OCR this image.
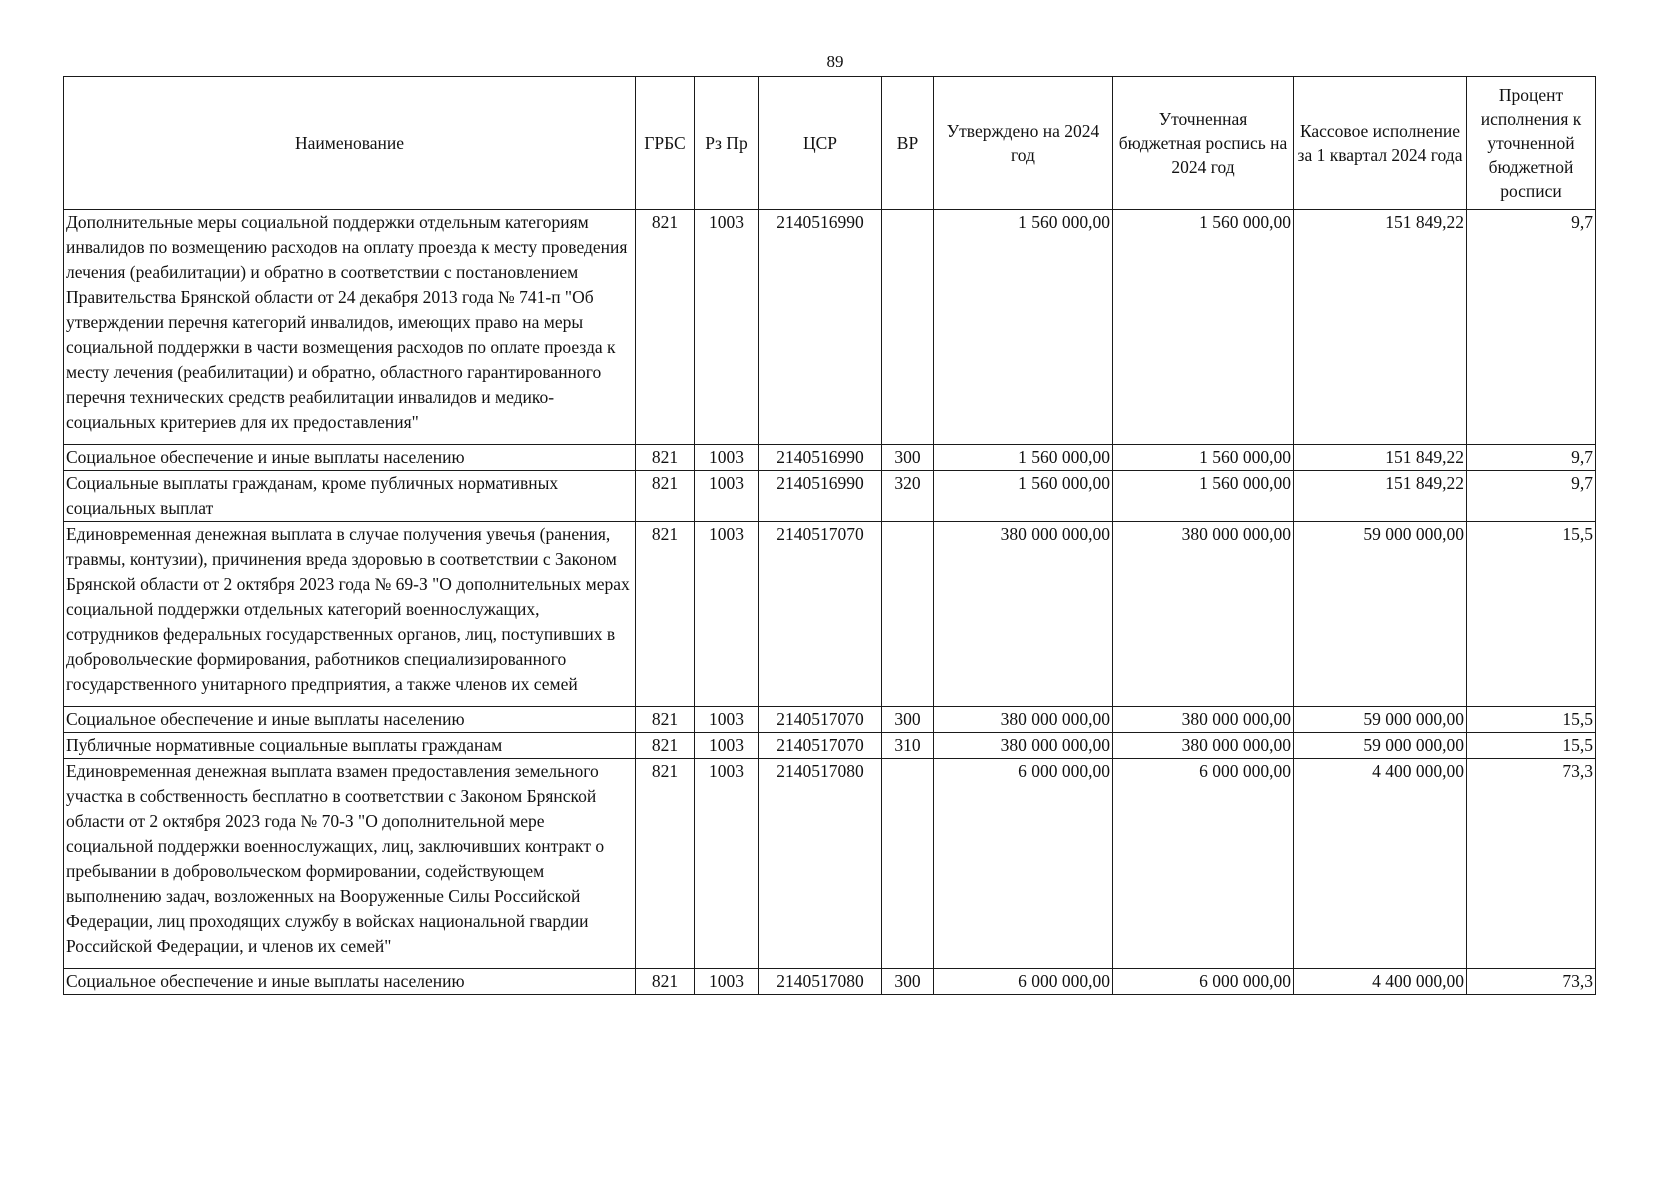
89
Наименование	ГРБС	Рз Пр	ЦСР	ВР	Утверждено на 2024 год	Уточненная бюджетная роспись на 2024 год	Кассовое исполнение за 1 квартал 2024 года	Процент исполнения к уточненной бюджетной росписи
Дополнительные меры социальной поддержки отдельным категориям инвалидов по возмещению расходов на оплату проезда к месту проведения лечения (реабилитации) и обратно в соответствии с постановлением Правительства Брянской области от 24 декабря 2013 года № 741-п "Об утверждении перечня категорий инвалидов, имеющих право на меры социальной поддержки в части возмещения расходов по оплате проезда к месту лечения (реабилитации) и обратно, областного гарантированного перечня технических средств реабилитации инвалидов и медико-социальных критериев для их предоставления"	821	1003	2140516990		1 560 000,00	1 560 000,00	151 849,22	9,7
Социальное обеспечение и иные выплаты населению	821	1003	2140516990	300	1 560 000,00	1 560 000,00	151 849,22	9,7
Социальные выплаты гражданам, кроме публичных нормативных социальных выплат	821	1003	2140516990	320	1 560 000,00	1 560 000,00	151 849,22	9,7
Единовременная денежная выплата в случае получения увечья (ранения, травмы, контузии), причинения вреда здоровью в соответствии с Законом Брянской области от 2 октября 2023 года № 69-З "О дополнительных мерах социальной поддержки отдельных категорий военнослужащих, сотрудников федеральных государственных органов, лиц, поступивших в добровольческие формирования, работников специализированного государственного унитарного предприятия, а также членов их семей	821	1003	2140517070		380 000 000,00	380 000 000,00	59 000 000,00	15,5
Социальное обеспечение и иные выплаты населению	821	1003	2140517070	300	380 000 000,00	380 000 000,00	59 000 000,00	15,5
Публичные нормативные социальные выплаты гражданам	821	1003	2140517070	310	380 000 000,00	380 000 000,00	59 000 000,00	15,5
Единовременная денежная выплата взамен предоставления земельного участка в собственность бесплатно в соответствии с Законом Брянской области от 2 октября 2023 года № 70-З "О дополнительной мере социальной поддержки военнослужащих, лиц, заключивших контракт о пребывании в добровольческом формировании, содействующем выполнению задач, возложенных на Вооруженные Силы Российской Федерации, лиц проходящих службу в войсках национальной гвардии Российской Федерации, и членов их семей"	821	1003	2140517080		6 000 000,00	6 000 000,00	4 400 000,00	73,3
Социальное обеспечение и иные выплаты населению	821	1003	2140517080	300	6 000 000,00	6 000 000,00	4 400 000,00	73,3
